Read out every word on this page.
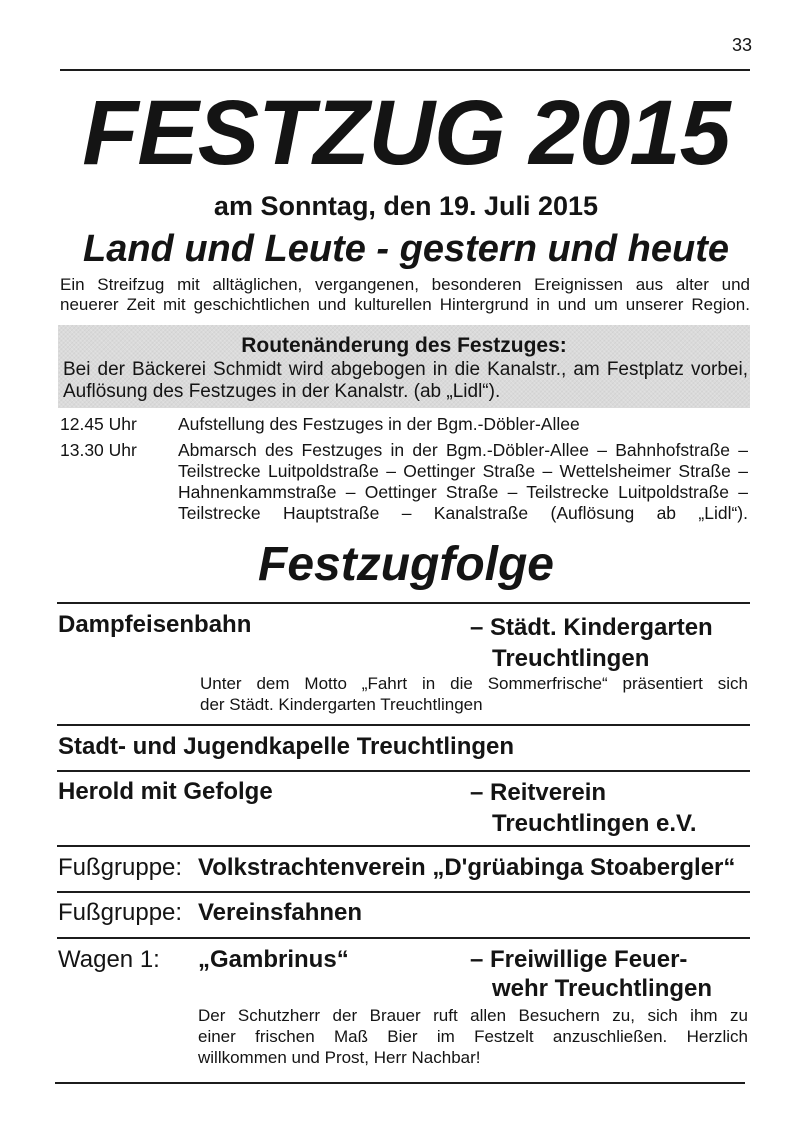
33
FESTZUG 2015
am Sonntag, den 19. Juli 2015
Land und Leute - gestern und heute
Ein Streifzug mit alltäglichen, vergangenen, besonderen Ereignissen aus alter und
neuerer Zeit mit geschichtlichen und kulturellen Hintergrund in und um unserer Region.
Routenänderung des Festzuges:
Bei der Bäckerei Schmidt wird abgebogen in die Kanalstr., am Festplatz vorbei,
Auflösung des Festzuges in der Kanalstr. (ab „Lidl“).
12.45 Uhr Aufstellung des Festzuges in der Bgm.-Döbler-Allee
13.30 Uhr Abmarsch des Festzuges in der Bgm.-Döbler-Allee – Bahnhofstraße –
Teilstrecke Luitpoldstraße – Oettinger Straße – Wettelsheimer Straße –
Hahnenkammstraße – Oettinger Straße – Teilstrecke Luitpoldstraße –
Teilstrecke Hauptstraße – Kanalstraße (Auflösung ab „Lidl“).
Festzugfolge
Dampfeisenbahn	– Städt. Kindergarten
Treuchtlingen
Unter dem Motto „Fahrt in die Sommerfrische“ präsentiert sich
der Städt. Kindergarten Treuchtlingen
Stadt- und Jugendkapelle Treuchtlingen
Herold mit Gefolge	– Reitverein
Treuchtlingen e.V.
Fußgruppe: Volkstrachtenverein „D'grüabinga Stoabergler“
Fußgruppe: Vereinsfahnen
Wagen 1: „Gambrinus“	– Freiwillige Feuer-
wehr Treuchtlingen
Der Schutzherr der Brauer ruft allen Besuchern zu, sich ihm zu
einer frischen Maß Bier im Festzelt anzuschließen. Herzlich
willkommen und Prost, Herr Nachbar!
